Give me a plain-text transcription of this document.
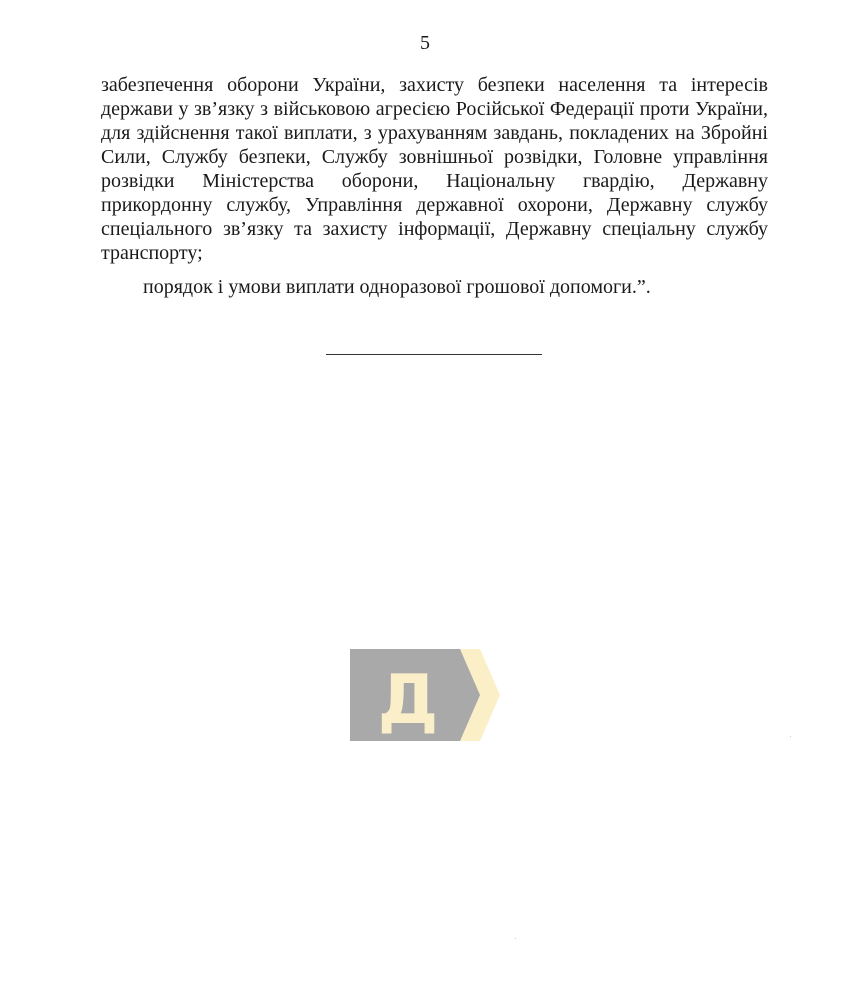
5

забезпечення оборони України, захисту безпеки населення та інтересів держави у зв’язку з військовою агресією Російської Федерації проти України, для здійснення такої виплати, з урахуванням завдань, покладених на Збройні Сили, Службу безпеки, Службу зовнішньої розвідки, Головне управління розвідки Міністерства оборони, Національну гвардію, Державну прикордонну службу, Управління державної охорони, Державну службу спеціального зв’язку та захисту інформації, Державну спеціальну службу транспорту;

порядок і умови виплати одноразової грошової допомоги.”.

Д
